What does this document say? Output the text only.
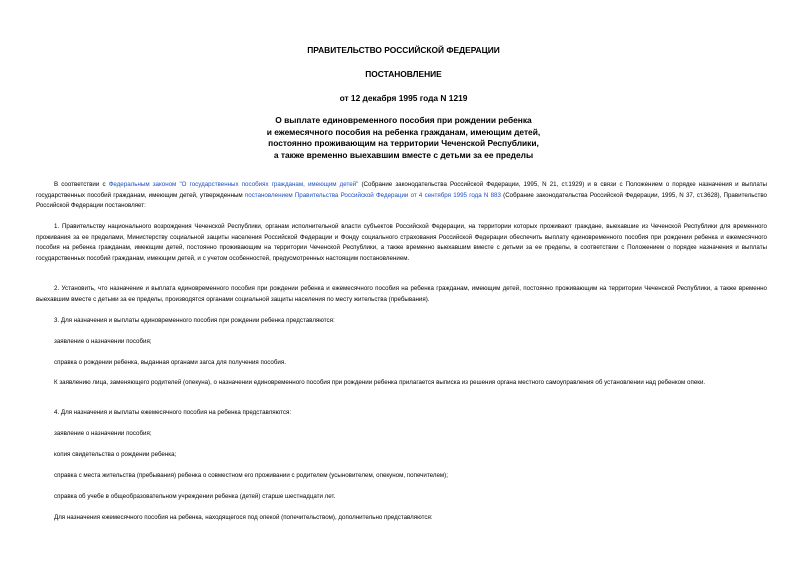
ПРАВИТЕЛЬСТВО РОССИЙСКОЙ ФЕДЕРАЦИИ

ПОСТАНОВЛЕНИЕ

от 12 декабря 1995 года N 1219

О выплате единовременного пособия при рождении ребенка
и ежемесячного пособия на ребенка гражданам, имеющим детей,
постоянно проживающим на территории Чеченской Республики,
а также временно выехавшим вместе с детьми за ее пределы

В соответствии с Федеральным законом "О государственных пособиях гражданам, имеющим детей" (Собрание законодательства Российской Федерации, 1995, N 21, ст.1929) и в связи с Положением о порядке назначения и выплаты государственных пособий гражданам, имеющим детей, утвержденным постановлением Правительства Российской Федерации от 4 сентября 1995 года N 883 (Собрание законодательства Российской Федерации, 1995, N 37, ст.3628), Правительство Российской Федерации постановляет:

1. Правительству национального возрождения Чеченской Республики, органам исполнительной власти субъектов Российской Федерации, на территории которых проживают граждане, выехавшие из Чеченской Республики для временного проживания за ее пределами, Министерству социальной защиты населения Российской Федерации и Фонду социального страхования Российской Федерации обеспечить выплату единовременного пособия при рождении ребенка и ежемесячного пособия на ребенка гражданам, имеющим детей, постоянно проживающим на территории Чеченской Республики, а также временно выехавшим вместе с детьми за ее пределы, в соответствии с Положением о порядке назначения и выплаты государственных пособий гражданам, имеющим детей, и с учетом особенностей, предусмотренных настоящим постановлением.

2. Установить, что назначение и выплата единовременного пособия при рождении ребенка и ежемесячного пособия на ребенка гражданам, имеющим детей, постоянно проживающим на территории Чеченской Республики, а также временно выехавшим вместе с детьми за ее пределы, производятся органами социальной защиты населения по месту жительства (пребывания).

3. Для назначения и выплаты единовременного пособия при рождении ребенка представляются:

заявление о назначении пособия;

справка о рождении ребенка, выданная органами загса для получения пособия.

К заявлению лица, заменяющего родителей (опекуна), о назначении единовременного пособия при рождении ребенка прилагается выписка из решения органа местного самоуправления об установлении над ребенком опеки.

4. Для назначения и выплаты ежемесячного пособия на ребенка представляются:

заявление о назначении пособия;

копия свидетельства о рождении ребенка;

справка с места жительства (пребывания) ребенка о совместном его проживании с родителем (усыновителем, опекуном, попечителем);

справка об учебе в общеобразовательном учреждении ребенка (детей) старше шестнадцати лет.

Для назначения ежемесячного пособия на ребенка, находящегося под опекой (попечительством), дополнительно представляются:
